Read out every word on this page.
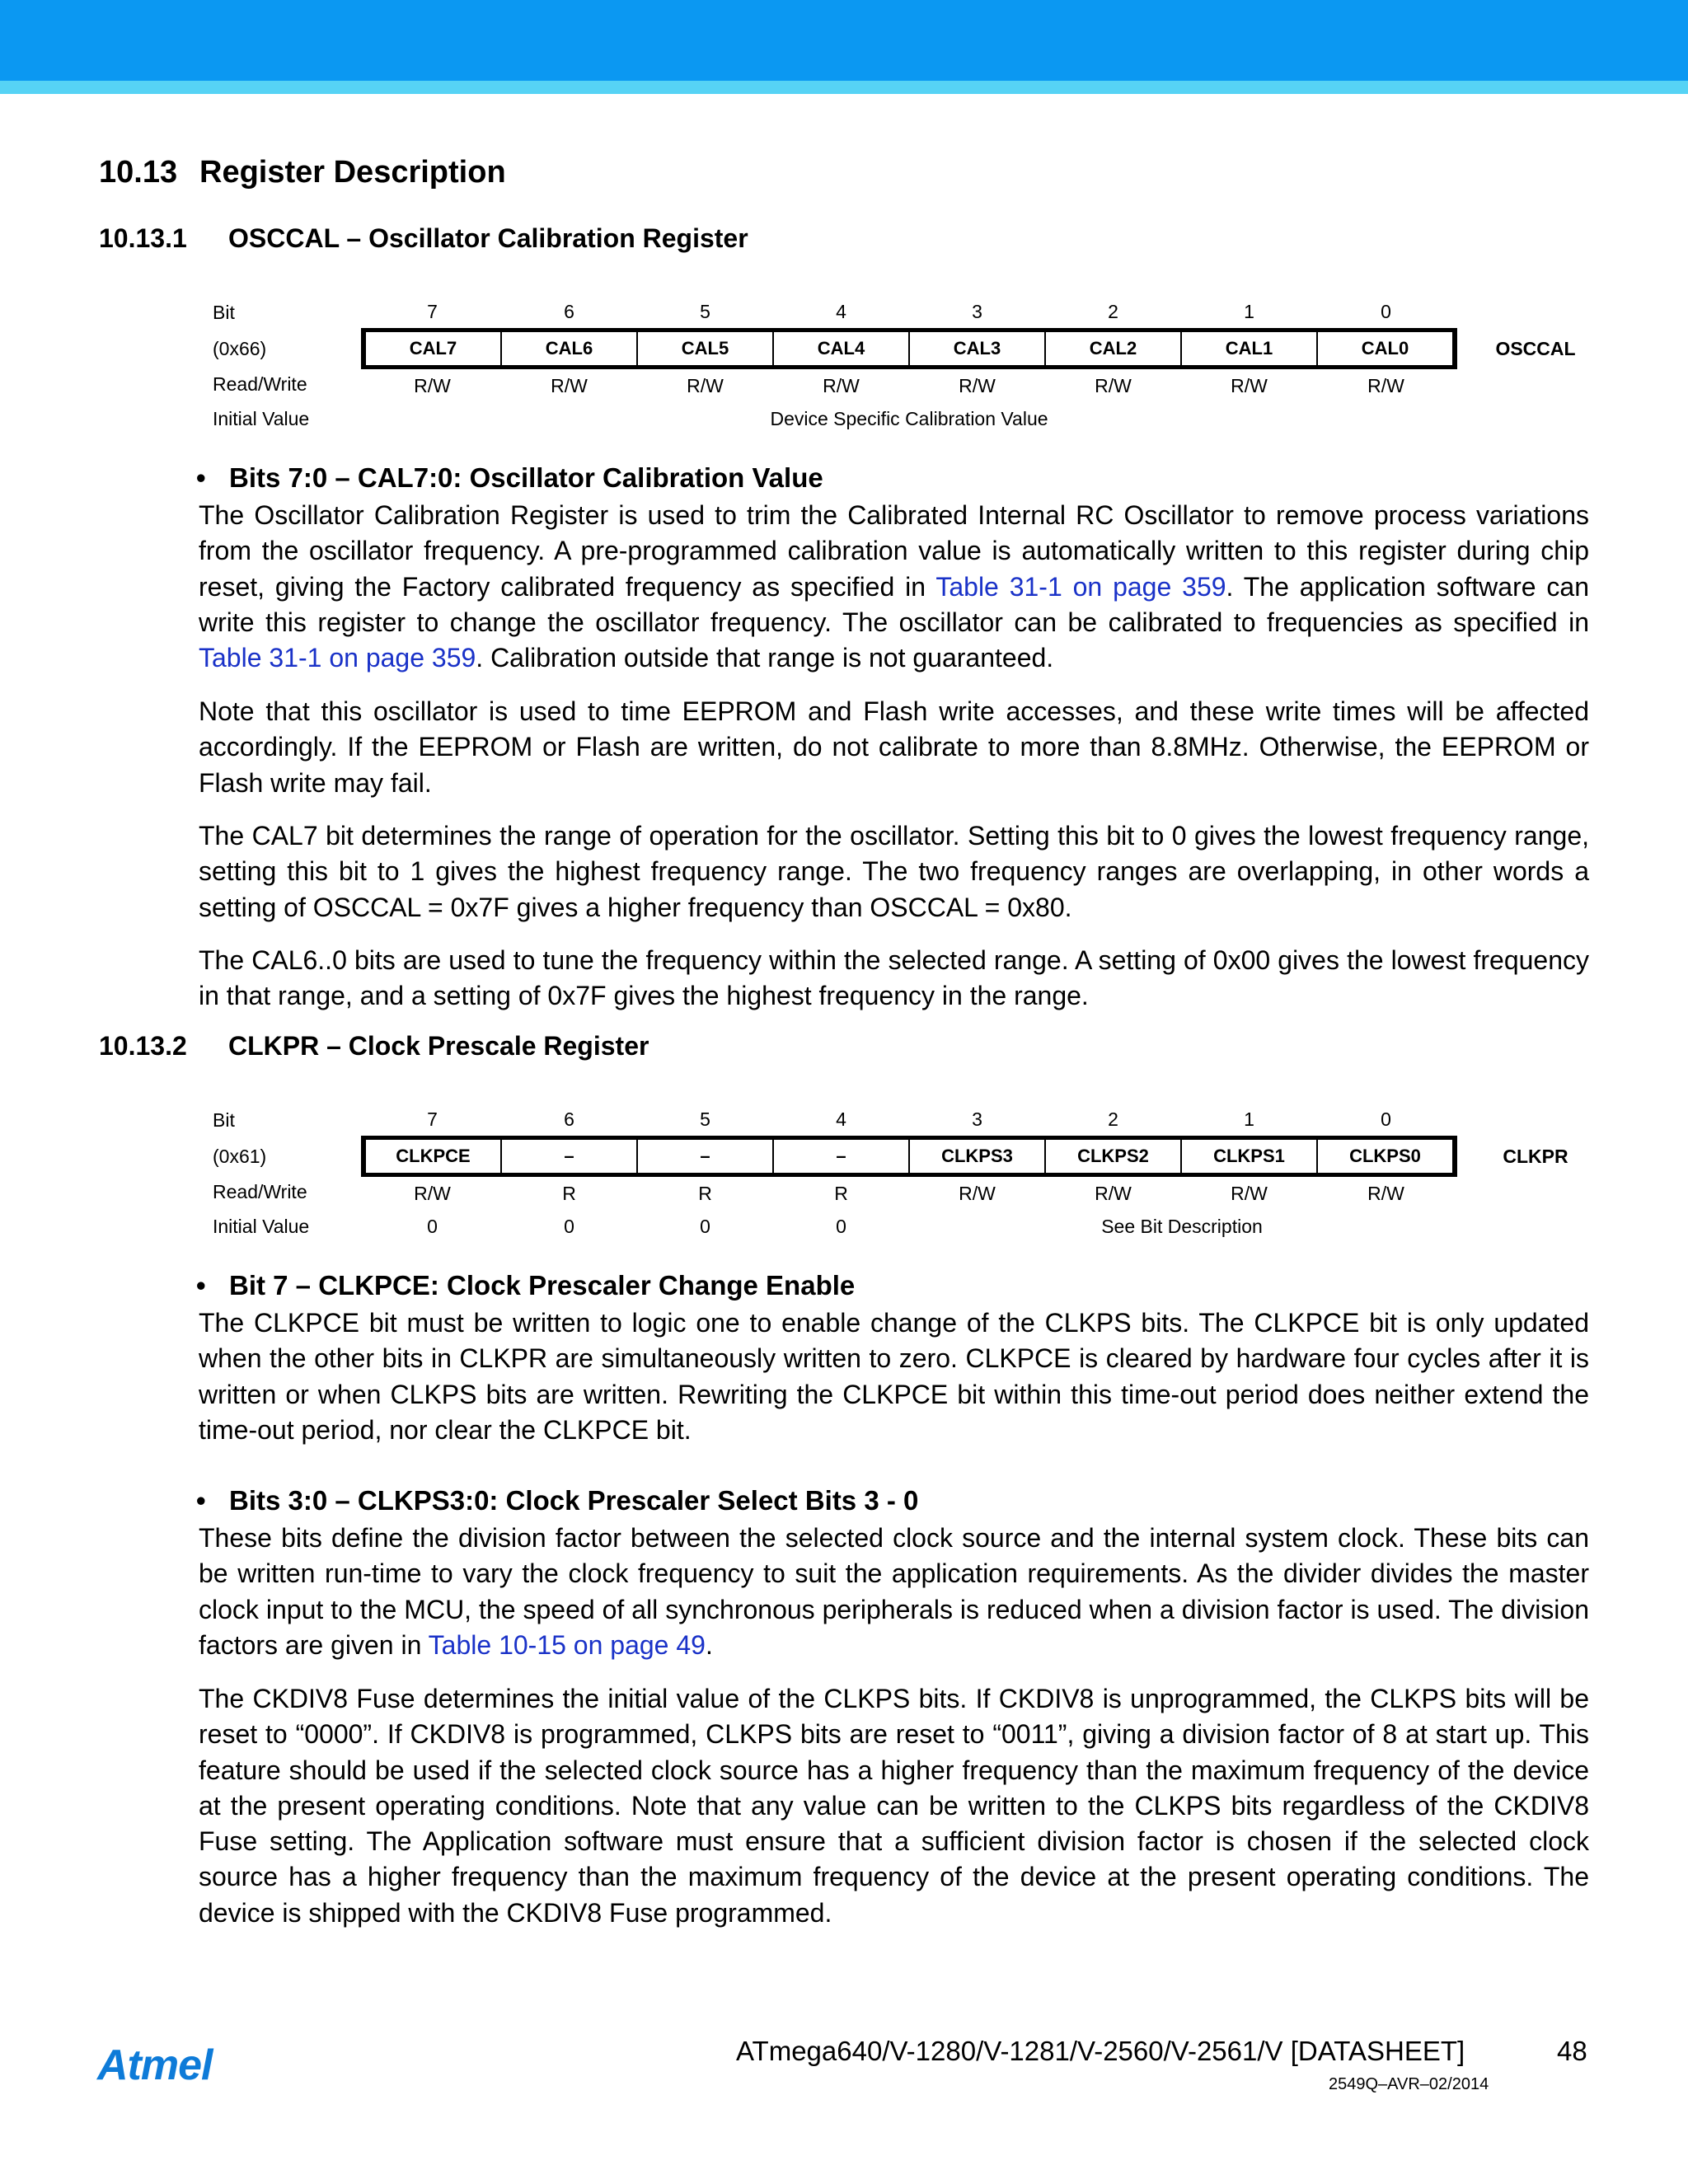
10.13 Register Description
10.13.1 OSCCAL – Oscillator Calibration Register
Bit	7	6	5	4	3	2	1	0	
(0x66)	CAL7	CAL6	CAL5	CAL4	CAL3	CAL2	CAL1	CAL0	OSCCAL
Read/Write	R/W	R/W	R/W	R/W	R/W	R/W	R/W	R/W	
Initial Value	Device Specific Calibration Value								
• Bits 7:0 – CAL7:0: Oscillator Calibration Value

The Oscillator Calibration Register is used to trim the Calibrated Internal RC Oscillator to remove process variations from the oscillator frequency. A pre-programmed calibration value is automatically written to this register during chip reset, giving the Factory calibrated frequency as specified in Table 31-1 on page 359. The application software can write this register to change the oscillator frequency. The oscillator can be calibrated to frequencies as specified in Table 31-1 on page 359. Calibration outside that range is not guaranteed.

Note that this oscillator is used to time EEPROM and Flash write accesses, and these write times will be affected accordingly. If the EEPROM or Flash are written, do not calibrate to more than 8.8MHz. Otherwise, the EEPROM or Flash write may fail.

The CAL7 bit determines the range of operation for the oscillator. Setting this bit to 0 gives the lowest frequency range, setting this bit to 1 gives the highest frequency range. The two frequency ranges are overlapping, in other words a setting of OSCCAL = 0x7F gives a higher frequency than OSCCAL = 0x80.

The CAL6..0 bits are used to tune the frequency within the selected range. A setting of 0x00 gives the lowest frequency in that range, and a setting of 0x7F gives the highest frequency in the range.

10.13.2 CLKPR – Clock Prescale Register
Bit	7	6	5	4	3	2	1	0	
(0x61)	CLKPCE	–	–	–	CLKPS3	CLKPS2	CLKPS1	CLKPS0	CLKPR
Read/Write	R/W	R	R	R	R/W	R/W	R/W	R/W	
Initial Value	0	0	0	0	See Bit Description				
• Bit 7 – CLKPCE: Clock Prescaler Change Enable

The CLKPCE bit must be written to logic one to enable change of the CLKPS bits. The CLKPCE bit is only updated when the other bits in CLKPR are simultaneously written to zero. CLKPCE is cleared by hardware four cycles after it is written or when CLKPS bits are written. Rewriting the CLKPCE bit within this time-out period does neither extend the time-out period, nor clear the CLKPCE bit.

• Bits 3:0 – CLKPS3:0: Clock Prescaler Select Bits 3 - 0

These bits define the division factor between the selected clock source and the internal system clock. These bits can be written run-time to vary the clock frequency to suit the application requirements. As the divider divides the master clock input to the MCU, the speed of all synchronous peripherals is reduced when a division factor is used. The division factors are given in Table 10-15 on page 49.

The CKDIV8 Fuse determines the initial value of the CLKPS bits. If CKDIV8 is unprogrammed, the CLKPS bits will be reset to “0000”. If CKDIV8 is programmed, CLKPS bits are reset to “0011”, giving a division factor of 8 at start up. This feature should be used if the selected clock source has a higher frequency than the maximum frequency of the device at the present operating conditions. Note that any value can be written to the CLKPS bits regardless of the CKDIV8 Fuse setting. The Application software must ensure that a sufficient division factor is chosen if the selected clock source has a higher frequency than the maximum frequency of the device at the present operating conditions. The device is shipped with the CKDIV8 Fuse programmed.

Atmel	ATmega640/V-1280/V-1281/V-2560/V-2561/V [DATASHEET]	48
2549Q–AVR–02/2014
